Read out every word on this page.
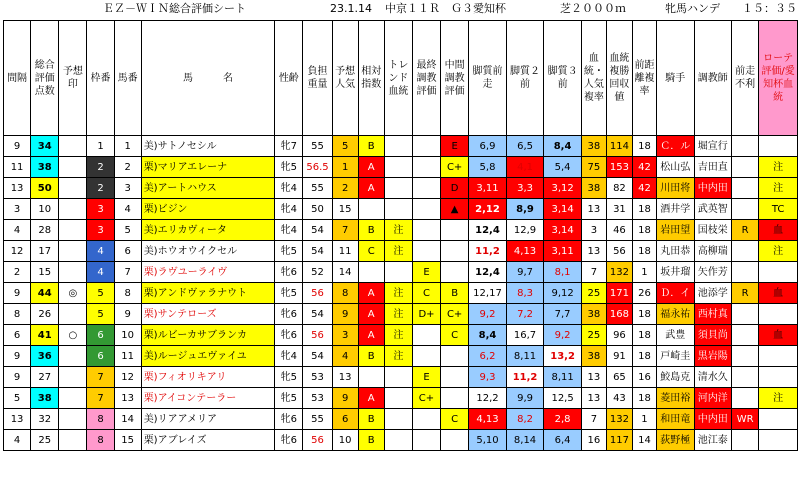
ＥＺ－ＷＩＮ総合評価シート	23.1.14 中京１１Ｒ　Ｇ３愛知杯	芝２０００ｍ	牝馬ハンデ １５：３５
間隔	総合評価点数	予想印	枠番	馬番	馬　　　名	性齢	負担重量	予想人気	相対指数	トレンド血統	最終調教評価	中間調教評価	脚質前走	脚質２前	脚質３前	血統・人気複率	血統複勝回収値	前距離複率	騎手	調教師	前走不利	ローテ評価/愛知杯血統
9	34		1	1	美)サトノセシル	牝7	55	5	B			E	6,9	6,5	8,4	38	114	18	Ｃ．ル	堀宣行		
11	38		2	2	栗)マリアエレーナ	牝5	56.5	1	A			C+	5,8	4,1	5,4	75	153	42	松山弘	吉田直		注
13	50		2	3	美)アートハウス	牝4	55	2	A			D	3,11	3,3	3,12	38	82	42	川田将	中内田		注
3	10		3	4	栗)ビジン	牝4	50	15				▲	2,12	8,9	3,14	13	31	18	酒井学	武英智		TC
4	28		3	5	美)エリカヴィータ	牝4	54	7	B	注			12,4	12,9	3,14	3	46	18	岩田望	国枝栄	R	血
12	17		4	6	美)ホウオウイクセル	牝5	54	11	C	注			11,2	4,13	3,11	13	56	18	丸田恭	高柳瑞		注
2	15		4	7	栗)ラヴユーライヴ	牝6	52	14			E		12,4	9,7	8,1	7	132	1	坂井瑠	矢作芳		
9	44	◎	5	8	栗)アンドヴァラナウト	牝5	56	8	A	注	C	B	12,17	8,3	9,12	25	171	26	Ｄ．イ	池添学	R	血
8	26		5	9	栗)サンテローズ	牝6	54	9	A	注	D+	C+	9,2	7,2	7,7	38	168	18	福永祐	西村真		
6	41	○	6	10	栗)ルビーカサブランカ	牝6	56	3	A	注		C	8,4	16,7	9,2	25	96	18	武豊	須貝尚		血
9	36		6	11	美)ルージュエヴァイユ	牝4	54	4	B	注			6,2	8,11	13,2	38	91	18	戸崎圭	黒岩陽		
9	27		7	12	栗)フィオリキアリ	牝5	53	13			E		9,3	11,2	8,11	13	65	16	鮫島克	清水久		
5	38		7	13	栗)アイコンテーラー	牝5	53	9	A		C+		12,2	9,9	12,5	13	43	18	菱田裕	河内洋		注
13	32		8	14	美)リアアメリア	牝6	55	6	B			C	4,13	8,2	2,8	7	132	1	和田竜	中内田	WR	
4	25		8	15	栗)アブレイズ	牝6	56	10	B				5,10	8,14	6,4	16	117	14	荻野極	池江泰		
